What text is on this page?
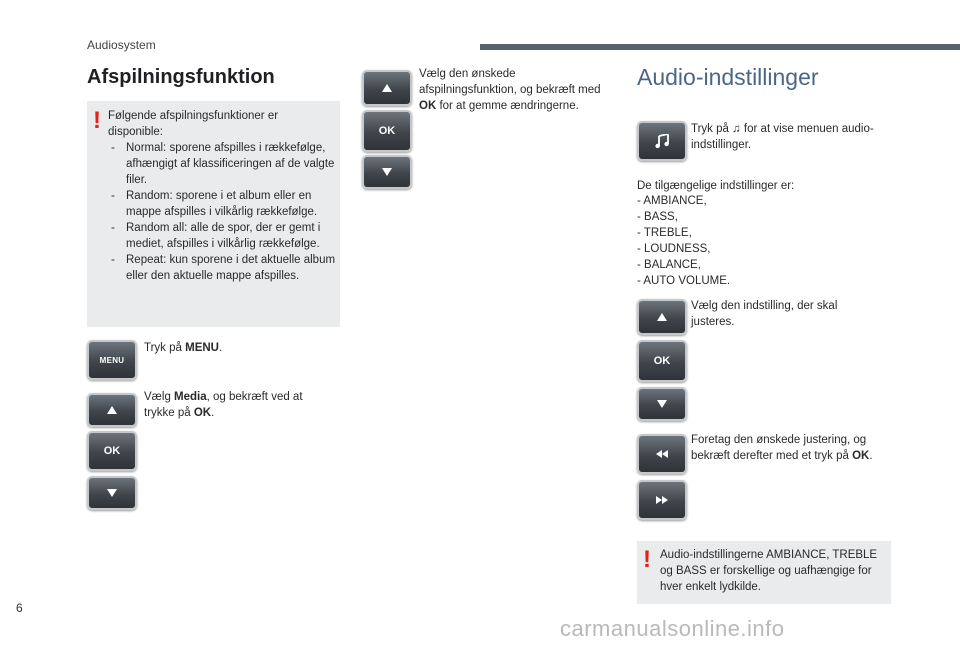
Audiosystem
Afspilningsfunktion
! Følgende afspilningsfunktioner er disponible:
- Normal: sporene afspilles i rækkefølge, afhængigt af klassificeringen af de valgte filer.
- Random: sporene i et album eller en mappe afspilles i vilkårlig rækkefølge.
- Random all: alle de spor, der er gemt i mediet, afspilles i vilkårlig rækkefølge.
- Repeat: kun sporene i det aktuelle album eller den aktuelle mappe afspilles.
MENU
Tryk på MENU.
OK
Vælg Media, og bekræft ved at trykke på OK.
OK
Vælg den ønskede afspilningsfunktion, og bekræft med OK for at gemme ændringerne.
Audio-indstillinger
Tryk på ♫ for at vise menuen audio-indstillinger.
De tilgængelige indstillinger er:
- AMBIANCE,
- BASS,
- TREBLE,
- LOUDNESS,
- BALANCE,
- AUTO VOLUME.
OK
Vælg den indstilling, der skal justeres.
Foretag den ønskede justering, og bekræft derefter med et tryk på OK.
! Audio-indstillingerne AMBIANCE, TREBLE og BASS er forskellige og uafhængige for hver enkelt lydkilde.
6
carmanualsonline.info
